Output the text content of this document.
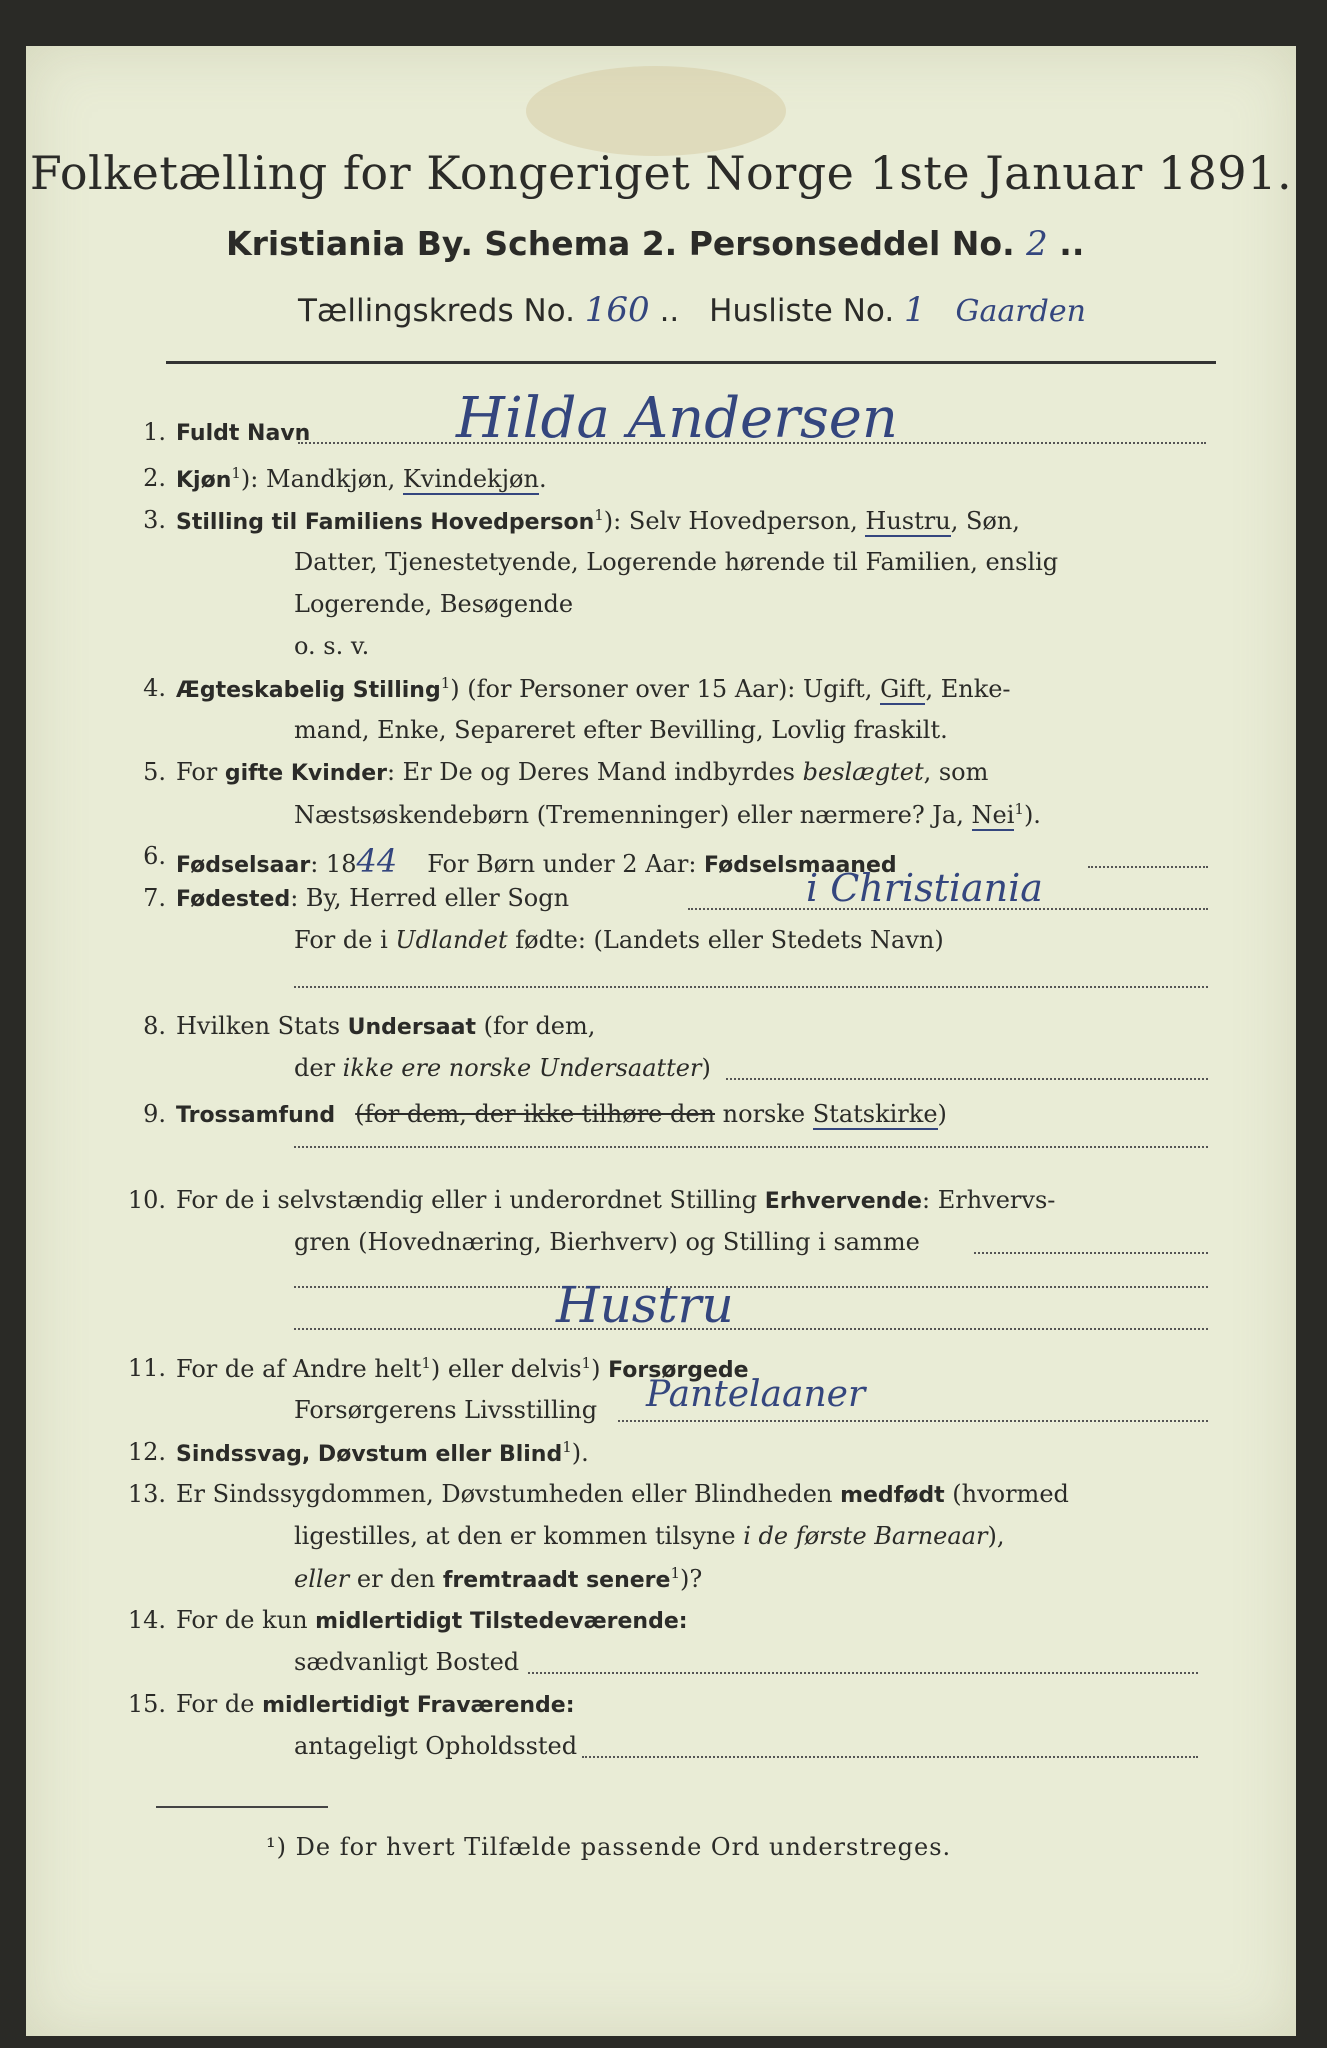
Folketælling for Kongeriget Norge 1ste Januar 1891.
Kristiania By. Schema 2. Personseddel No. 2 ..
Tællingskreds No. 160 .. Husliste No. 1 Gaarden
1. Fuldt Navn	Hilda Andersen
2. Kjøn$^1$): Mandkjøn, Kvindekjøn.
3. Stilling til Familiens Hovedperson$^1$): Selv Hovedperson, Hustru, Søn,
Datter, Tjenestetyende, Logerende hørende til Familien, enslig
Logerende, Besøgende
o. s. v.
4. Ægteskabelig Stilling$^1$) (for Personer over 15 Aar): Ugift, Gift, Enke-
mand, Enke, Separeret efter Bevilling, Lovlig fraskilt.
5. For gifte Kvinder: Er De og Deres Mand indbyrdes beslægtet, som
Næstsøskendebørn (Tremenninger) eller nærmere? Ja, Nei$^1$).
6. Fødselsaar: 1844 For Børn under 2 Aar: Fødselsmaaned
7. Fødested: By, Herred eller Sogn	i Christiania
For de i Udlandet fødte: (Landets eller Stedets Navn)
8. Hvilken Stats Undersaat (for dem,
der ikke ere norske Undersaatter)
9. Trossamfund (for dem, der ikke tilhøre den norske Statskirke)
10. For de i selvstændig eller i underordnet Stilling Erhvervende: Erhvervs-
gren (Hovednæring, Bierhverv) og Stilling i samme
Hustru
11. For de af Andre helt$^1$) eller delvis$^1$) Forsørgede
Forsørgerens Livsstilling Pantelaaner
12. Sindssvag, Døvstum eller Blind$^1$).
13. Er Sindssygdommen, Døvstumheden eller Blindheden medfødt (hvormed
ligestilles, at den er kommen tilsyne i de første Barneaar),
eller er den fremtraadt senere$^1$)?
14. For de kun midlertidigt Tilstedeværende:
sædvanligt Bosted
15. For de midlertidigt Fraværende:
antageligt Opholdssted
¹) De for hvert Tilfælde passende Ord understreges.
